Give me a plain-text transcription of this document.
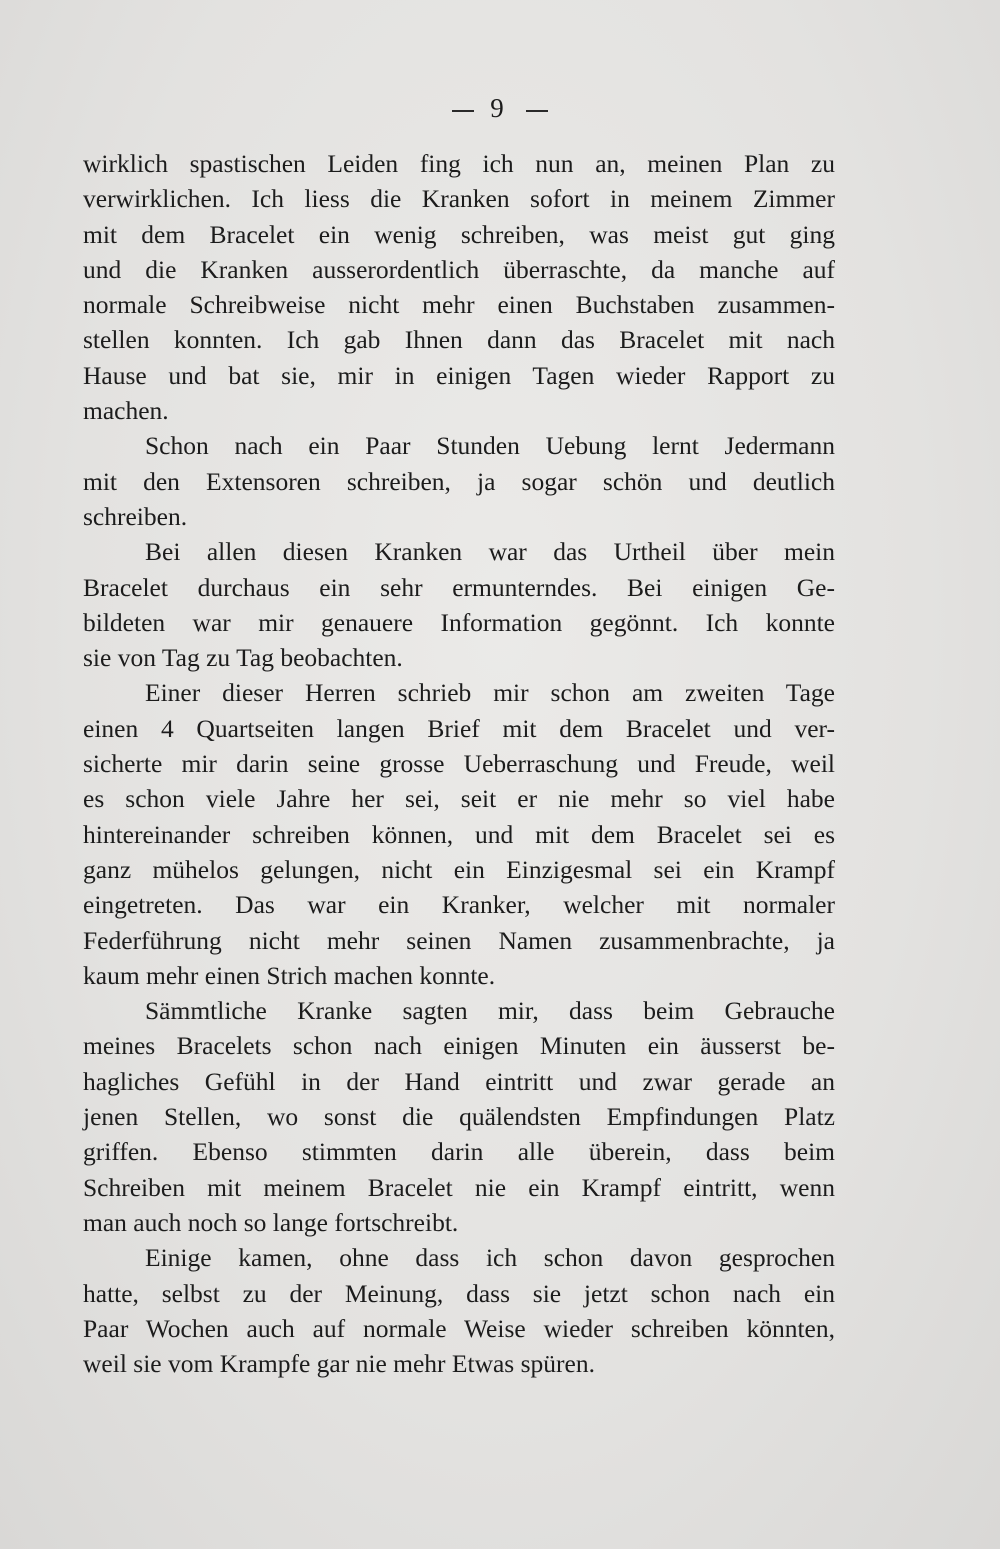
9
wirklich spastischen Leiden fing ich nun an, meinen Plan zu
verwirklichen. Ich liess die Kranken sofort in meinem Zimmer
mit dem Bracelet ein wenig schreiben, was meist gut ging
und die Kranken ausserordentlich überraschte, da manche auf
normale Schreibweise nicht mehr einen Buchstaben zusammen-
stellen konnten. Ich gab Ihnen dann das Bracelet mit nach
Hause und bat sie, mir in einigen Tagen wieder Rapport zu
machen.
Schon nach ein Paar Stunden Uebung lernt Jedermann
mit den Extensoren schreiben, ja sogar schön und deutlich
schreiben.
Bei allen diesen Kranken war das Urtheil über mein
Bracelet durchaus ein sehr ermunterndes. Bei einigen Ge-
bildeten war mir genauere Information gegönnt. Ich konnte
sie von Tag zu Tag beobachten.
Einer dieser Herren schrieb mir schon am zweiten Tage
einen 4 Quartseiten langen Brief mit dem Bracelet und ver-
sicherte mir darin seine grosse Ueberraschung und Freude, weil
es schon viele Jahre her sei, seit er nie mehr so viel habe
hintereinander schreiben können, und mit dem Bracelet sei es
ganz mühelos gelungen, nicht ein Einzigesmal sei ein Krampf
eingetreten. Das war ein Kranker, welcher mit normaler
Federführung nicht mehr seinen Namen zusammenbrachte, ja
kaum mehr einen Strich machen konnte.
Sämmtliche Kranke sagten mir, dass beim Gebrauche
meines Bracelets schon nach einigen Minuten ein äusserst be-
hagliches Gefühl in der Hand eintritt und zwar gerade an
jenen Stellen, wo sonst die quälendsten Empfindungen Platz
griffen. Ebenso stimmten darin alle überein, dass beim
Schreiben mit meinem Bracelet nie ein Krampf eintritt, wenn
man auch noch so lange fortschreibt.
Einige kamen, ohne dass ich schon davon gesprochen
hatte, selbst zu der Meinung, dass sie jetzt schon nach ein
Paar Wochen auch auf normale Weise wieder schreiben könnten,
weil sie vom Krampfe gar nie mehr Etwas spüren.
